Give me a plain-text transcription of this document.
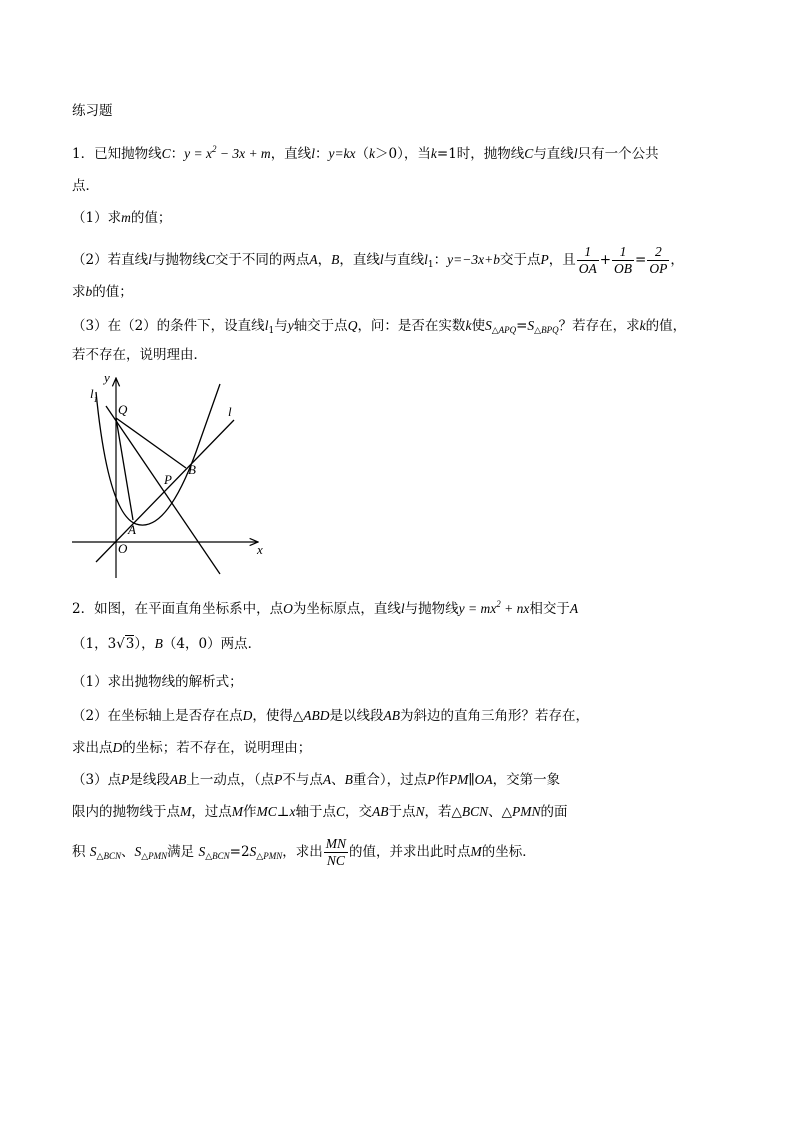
练习题
1．已知抛物线C：$y = x^2 - 3x + m$，直线l：y=kx（k＞0），当k=1时，抛物线C与直线l只有一个公共
点．
（1）求m的值；
（2）若直线l与抛物线C交于不同的两点A，B，直线l与直线$l_1$：y=−3x+b交于点P，且 $\frac{1}{OA} + \frac{1}{OB} = \frac{2}{OP}$ ，
求b的值；
（3）在（2）的条件下，设直线$l_1$与y轴交于点Q，问：是否在实数k使$S_{\triangle APQ}=S_{\triangle BPQ}$？若存在，求k的值，
若不存在，说明理由．
y
x
$l_1$
l
Q
B
P
A
O
2．如图，在平面直角坐标系中，点O为坐标原点，直线l与抛物线$y = mx^2$ + nx相交于A
（1，3√3），B（4，0）两点．
（1）求出抛物线的解析式；
（2）在坐标轴上是否存在点D，使得△ABD是以线段AB为斜边的直角三角形？若存在，
求出点D的坐标；若不存在，说明理由；
（3）点P是线段AB上一动点，（点P不与点A、B重合），过点P作PM∥OA，交第一象
限内的抛物线于点M，过点M作MC⊥x轴于点C，交AB于点N，若△BCN、△PMN的面
积 $S_{\triangle BCN}$、$S_{\triangle PMN}$满足 $S_{\triangle BCN}=2S_{\triangle PMN}$，求出 $\frac{MN}{NC}$ 的值，并求出此时点M的坐标．
